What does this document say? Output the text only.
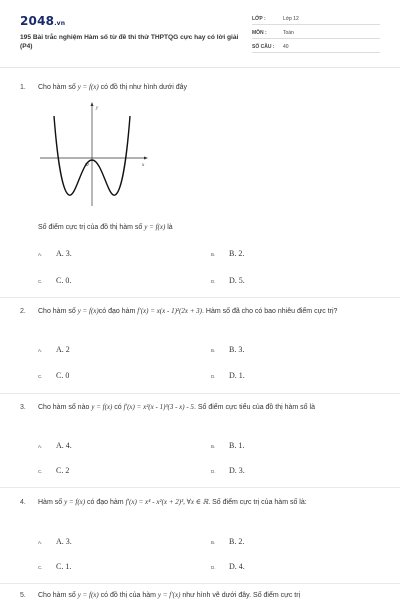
2048.vn
195 Bài trắc nghiệm Hàm số từ đề thi thử THPTQG cực hay có lời giải (P4)
LỚP :	Lớp 12
MÔN :	Toán
SỐ CÂU :	40
1.	Cho hàm số y = f(x) có đồ thị như hình dưới đây
y
x
O
Số điểm cực trị của đồ thị hàm số y = f(x) là
A.	A. 3.	B.	B. 2.
C.	C. 0.	D.	D. 5.
2.	Cho hàm số y = f(x)có đạo hàm f'(x) = x(x - 1)²(2x + 3). Hàm số đã cho có bao nhiêu điểm cực trị?
A.	A. 2	B.	B. 3.
C.	C. 0	D.	D. 1.
3.	Cho hàm số nào y = f(x) có f'(x) = x²(x - 1)³(3 - x) - 5. Số điểm cực tiểu của đồ thị hàm số là
A.	A. 4.	B.	B. 1.
C.	C. 2	D.	D. 3.
4.	Hàm số y = f(x) có đạo hàm f'(x) = x⁴ - x²(x + 2)³, ∀x ∈ ℝ. Số điểm cực trị của hàm số là:
A.	A. 3.	B.	B. 2.
C.	C. 1.	D.	D. 4.
5.	Cho hàm số y = f(x) có đồ thị của hàm y = f'(x) như hình vẽ dưới đây. Số điểm cực trị
